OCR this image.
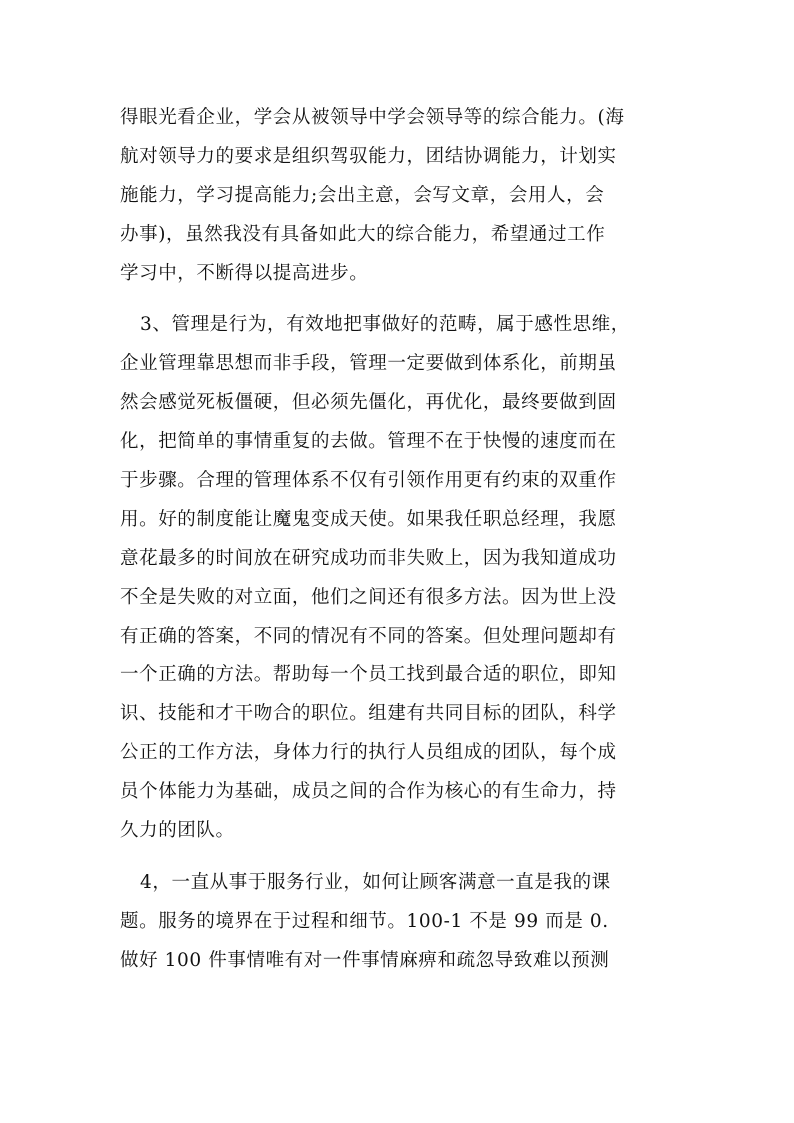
得眼光看企业，学会从被领导中学会领导等的综合能力。(海
航对领导力的要求是组织驾驭能力，团结协调能力，计划实
施能力，学习提高能力;会出主意，会写文章，会用人，会
办事)，虽然我没有具备如此大的综合能力，希望通过工作
学习中，不断得以提高进步。
3、管理是行为，有效地把事做好的范畴，属于感性思维，
企业管理靠思想而非手段，管理一定要做到体系化，前期虽
然会感觉死板僵硬，但必须先僵化，再优化，最终要做到固
化，把简单的事情重复的去做。管理不在于快慢的速度而在
于步骤。合理的管理体系不仅有引领作用更有约束的双重作
用。好的制度能让魔鬼变成天使。如果我任职总经理，我愿
意花最多的时间放在研究成功而非失败上，因为我知道成功
不全是失败的对立面，他们之间还有很多方法。因为世上没
有正确的答案，不同的情况有不同的答案。但处理问题却有
一个正确的方法。帮助每一个员工找到最合适的职位，即知
识、技能和才干吻合的职位。组建有共同目标的团队，科学
公正的工作方法，身体力行的执行人员组成的团队，每个成
员个体能力为基础，成员之间的合作为核心的有生命力，持
久力的团队。
4，一直从事于服务行业，如何让顾客满意一直是我的课
题。服务的境界在于过程和细节。100-1 不是 99 而是 0.
做好 100 件事情唯有对一件事情麻痹和疏忽导致难以预测
